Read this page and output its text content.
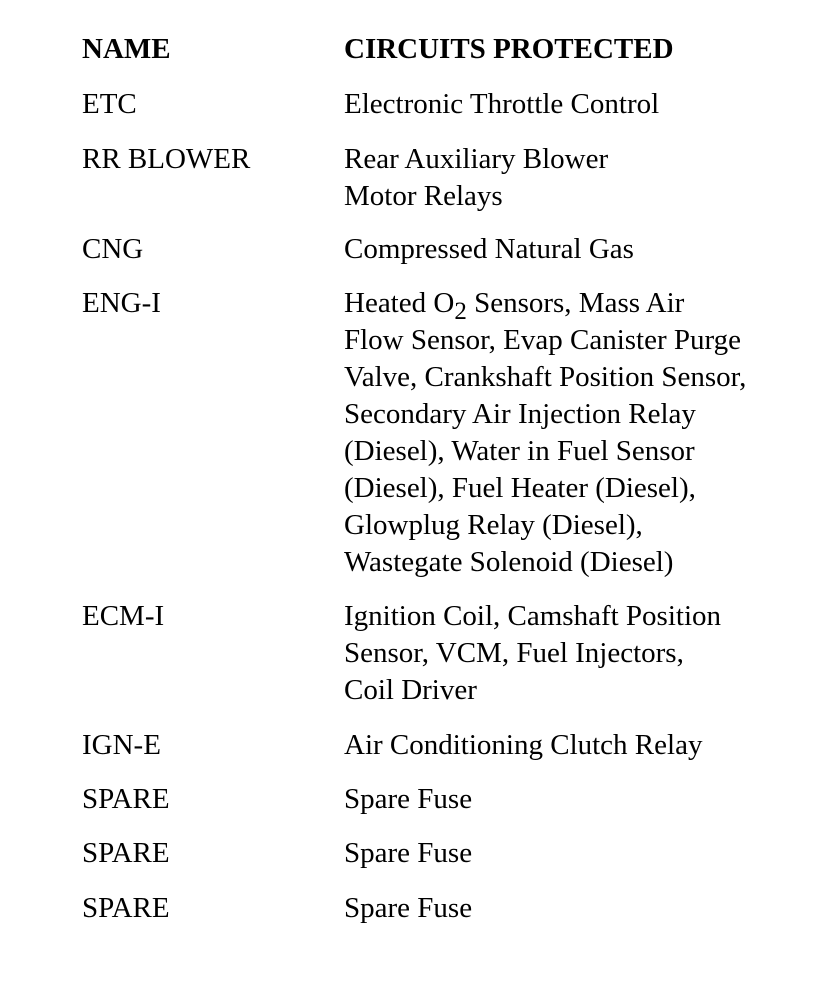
NAME	CIRCUITS PROTECTED
ETC	Electronic Throttle Control
RR BLOWER	Rear Auxiliary Blower
Motor Relays
CNG	Compressed Natural Gas
ENG-I	Heated $O_2$ Sensors, Mass Air
Flow Sensor, Evap Canister Purge
Valve, Crankshaft Position Sensor,
Secondary Air Injection Relay
(Diesel), Water in Fuel Sensor
(Diesel), Fuel Heater (Diesel),
Glowplug Relay (Diesel),
Wastegate Solenoid (Diesel)
ECM-I	Ignition Coil, Camshaft Position
Sensor, VCM, Fuel Injectors,
Coil Driver
IGN-E	Air Conditioning Clutch Relay
SPARE	Spare Fuse
SPARE	Spare Fuse
SPARE	Spare Fuse
